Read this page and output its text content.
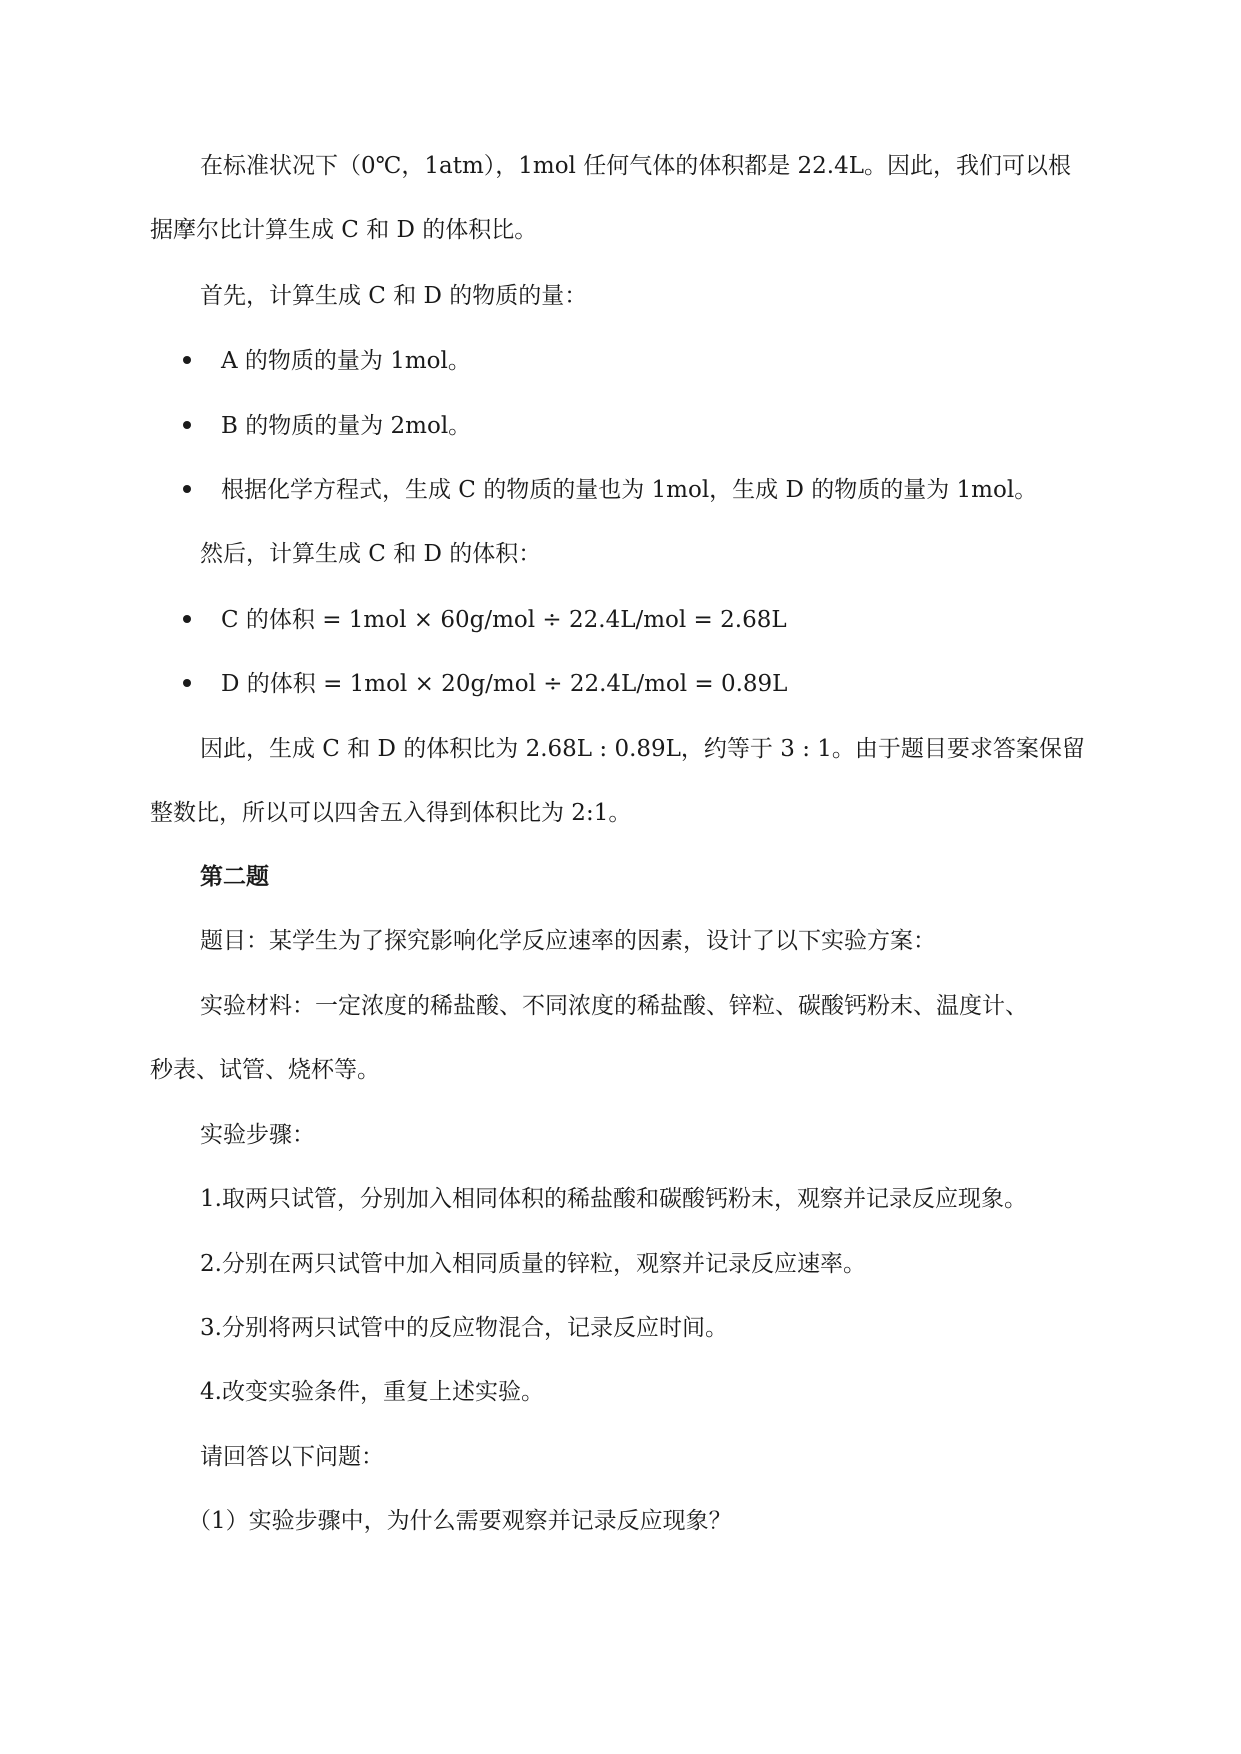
在标准状况下（0℃，1atm），1mol 任何气体的体积都是 22.4L。因此，我们可以根
据摩尔比计算生成 C 和 D 的体积比。
首先，计算生成 C 和 D 的物质的量：
A 的物质的量为 1mol。
B 的物质的量为 2mol。
根据化学方程式，生成 C 的物质的量也为 1mol，生成 D 的物质的量为 1mol。
然后，计算生成 C 和 D 的体积：
C 的体积 = 1mol × 60g/mol ÷ 22.4L/mol = 2.68L
D 的体积 = 1mol × 20g/mol ÷ 22.4L/mol = 0.89L
因此，生成 C 和 D 的体积比为 2.68L : 0.89L，约等于 3 : 1。由于题目要求答案保留
整数比，所以可以四舍五入得到体积比为 2:1。
第二题
题目：某学生为了探究影响化学反应速率的因素，设计了以下实验方案：
实验材料：一定浓度的稀盐酸、不同浓度的稀盐酸、锌粒、碳酸钙粉末、温度计、
秒表、试管、烧杯等。
实验步骤：
1.取两只试管，分别加入相同体积的稀盐酸和碳酸钙粉末，观察并记录反应现象。
2.分别在两只试管中加入相同质量的锌粒，观察并记录反应速率。
3.分别将两只试管中的反应物混合，记录反应时间。
4.改变实验条件，重复上述实验。
请回答以下问题：
（1）实验步骤中，为什么需要观察并记录反应现象？
